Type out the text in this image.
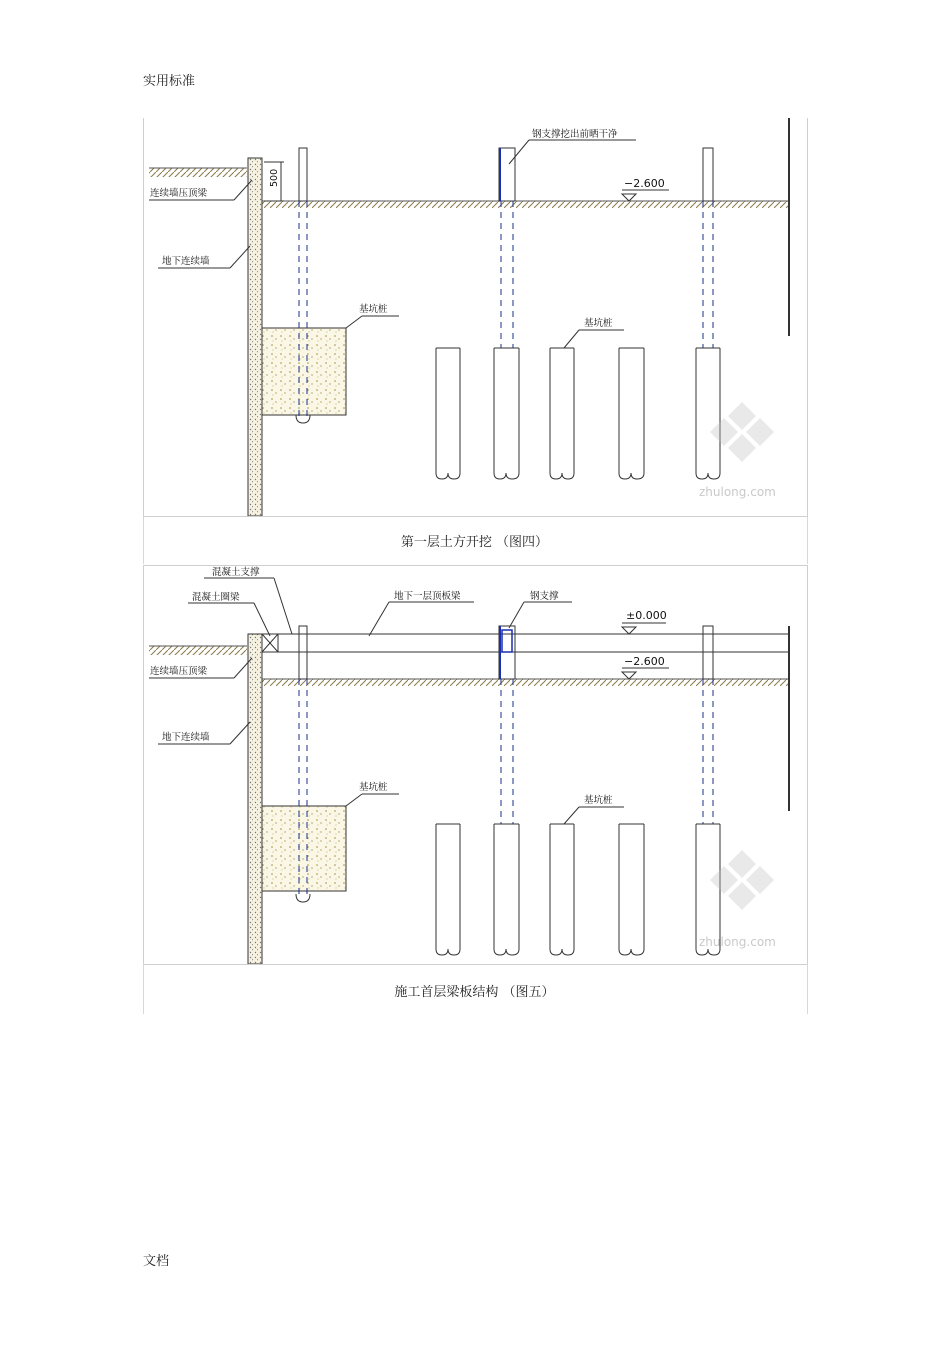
实用标准
500
钢支撑挖出前晒干净
连续墙压顶梁
地下连续墙
基坑桩
基坑桩
−2.600
zhulong.com
第一层土方开挖 （图四）
混凝土支撑
混凝土圈梁	地下一层顶板梁	钢支撑
连续墙压顶梁
地下连续墙
基坑桩
基坑桩
±0.000
−2.600
zhulong.com
施工首层梁板结构 （图五）
文档
